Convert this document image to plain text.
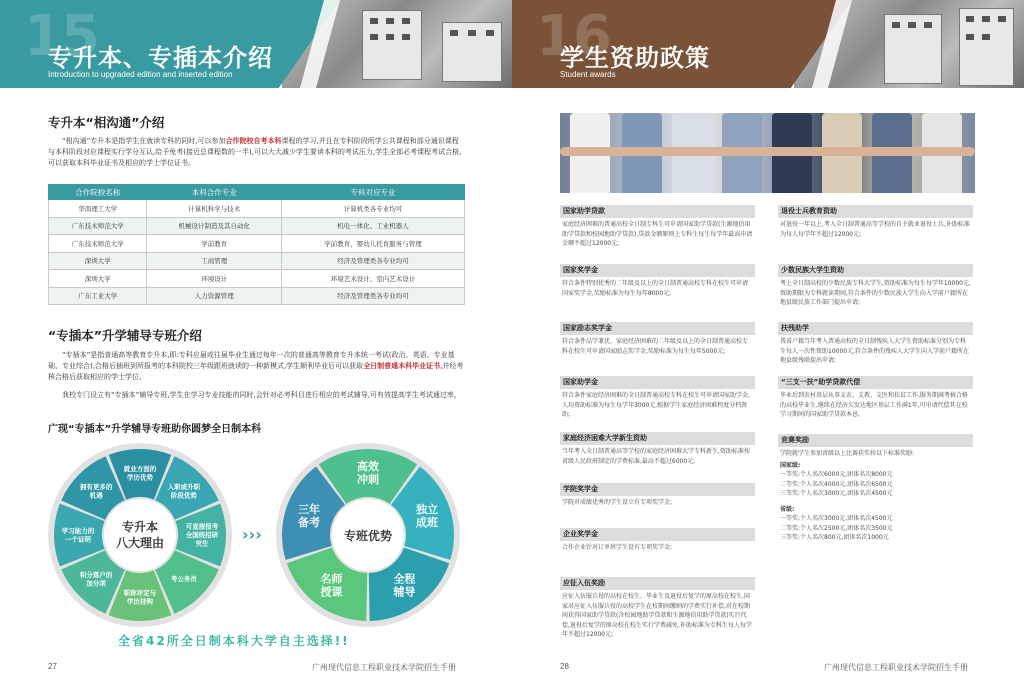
15
专升本、专插本介绍
Introduction to upgraded edition and inserted edition
专升本“相沟通”介绍
“相沟通”专升本是指学生在就读专科的同时,可以参加合作院校自考本科课程的学习,并且在专科阶段所学公共课程和部分通识课程与本科阶段对应课程实行学分互认,给予免考(接近总课程数的一半),可以大大减少学生要读本科的考试压力,学生全部必考课程考试合格,可以获取本科毕业证书及相应的学士学位证书。
合作院校名称	本科合作专业	专科对应专业
华南理工大学	计算机科学与技术	计算机类各专业均可
广东技术师范大学	机械设计制造及其自动化	机电一体化、工业机器人
广东技术师范大学	学前教育	学前教育、婴幼儿托育服务与管理
深圳大学	工商管理	经济及管理类各专业均可
深圳大学	环境设计	环境艺术设计、室内艺术设计
广东工业大学	人力资源管理	经济及管理类各专业均可
“专插本”升学辅导专班介绍
“专插本”是指普通高等教育专升本,即:专科应届或往届毕业生通过每年一次的普通高等教育专升本统一考试(政治、英语、专业基础、专业综合),合格后插班到所报考的本科院校三年级跟班就读的一种新模式,学生顺利毕业后可以获取全日制普通本科毕业证书,并经考核合格后获取相应的学士学位。
我校专门设立有“专插本”辅导专班,学生在学习专业技能的同时,会针对必考科目进行相应的考试辅导,可有效提高学生考试通过率。
广现“专插本”升学辅导专班助你圆梦全日制本科
就业方面的
学历优势
入职或升职
阶段优势
可直接报考
全国统招研
究生
考公务员
职称评定与
学历挂钩
积分落户的
加分项
学习能力的
一个证明
拥有更多的
机遇
专升本
八大理由	›››
高效
冲刺
独立
成班
全程
辅导
名师
授课
三年
备考
专班优势
全省42所全日制本科大学自主选择!!
27	广州现代信息工程职业技术学院招生手册
16
学生资助政策
Student awards
国家助学贷款
家庭经济困难的普通高校全日制专科生可申请国家助学贷款(生源地信用助学贷款和校园地助学贷款),贷款金额原则上专科生每生每学年最高申请金额不超过12000元;
国家奖学金
符合条件特别优秀的二年级及以上的全日制普通高校专科在校生可申请国家奖学金,奖励标准为每生每年8000元;
国家励志奖学金
符合条件品学兼优、家庭经济困难的二年级及以上的全日制普通高校专科在校生可申请国家励志奖学金,奖励标准为每生每年5000元;
国家助学金
符合条件家庭经济困难的全日制普通高校专科在校生可申请国家助学金,人均资助标准为每生每学年3000元,根据学生家庭经济困难程度分档资助;
家庭经济困难大学新生资助
当年考入全日制普通高等学校的家庭经济困难大学专科新生,资助标准按省级人民政府制定的学费标准,最高不超过6000元;
学院奖学金
学院对成绩优秀的学生设立有专项奖学金;
企业奖学金
合作企业针对订单班学生设有专项奖学金;
应征入伍奖励
应征入伍服兵役的高校在校生、毕业生及退役后复学的原高校在校生,国家对应征入伍服兵役的高校学生在校期间缴纳的学费实行补偿,对在校期间获得国家助学贷款(含校园地助学贷款和生源地信用助学贷款)实行代偿,退役后复学的原高校在校生实行学费减免,补助标准为专科生每人每学年不超过12000元;
退役士兵教育资助
对退役一年以上,考入全日制普通高等学校的自主就业退役士兵,补助标准为每人每学年不超过12000元;
少数民族大学生资助
考上全日制高校的少数民族专科大学生,资助标准为每生每学年10000元,资助期限为专科就读期间,符合条件的少数民族大学生向入学前户籍所在地县级民族工作部门提出申请;
扶残助学
我省户籍当年考入普通高校的全日制残疾人大学生资助标准分别为专科生每人一次性资助10000元,符合条件的残疾人大学生向入学前户籍所在地县级残联提出申请;
“三支一扶”助学贷款代偿
毕业后到农村基层从事支农、支教、支医和扶贫工作,服务期满考核合格的高校毕业生,继续在经济欠发达地区基层工作满1年,可申请代偿其在校学习期间的国家助学贷款本息。
竞赛奖励
学院就学生参加省级以上比赛获奖按以下标准奖励:
国家级:
一等奖:个人名次6000元,团体名次8000元
二等奖:个人名次4000元,团体名次6500元
三等奖:个人名次3000元,团体名次4500元
省级:
一等奖:个人名次3000元,团体名次4500元
二等奖:个人名次2500元,团体名次3500元
三等奖:个人名次800元,团体名次1000元
28	广州现代信息工程职业技术学院招生手册
